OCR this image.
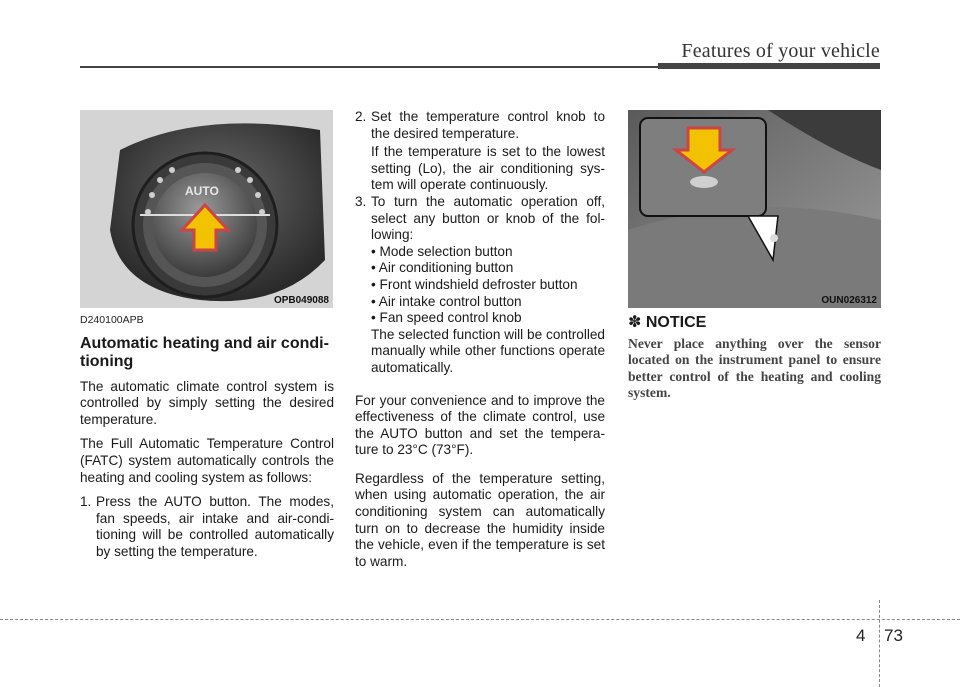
Features of your vehicle
AUTO
OPB049088	OUN026312

D240100APB

Automatic heating and air condi-
tioning

The automatic climate control system is controlled by simply setting the desired temperature.

The Full Automatic Temperature Control (FATC) system automatically controls the heating and cooling system as follows:

1. Press the AUTO button. The modes, fan speeds, air intake and air-condi-tioning will be controlled automatically by setting the temperature.
2. Set the temperature control knob to the desired temperature.
If the temperature is set to the lowest setting (Lo), the air conditioning sys-tem will operate continuously.
3. To turn the automatic operation off, select any button or knob of the fol-lowing:
• Mode selection button
• Air conditioning button
• Front windshield defroster button
• Air intake control button
• Fan speed control knob
The selected function will be controlled manually while other functions operate automatically.

For your convenience and to improve the effectiveness of the climate control, use the AUTO button and set the tempera-ture to 23°C (73°F).

Regardless of the temperature setting, when using automatic operation, the air conditioning system can automatically turn on to decrease the humidity inside the vehicle, even if the temperature is set to warm.

✽ NOTICE
Never place anything over the sensor located on the instrument panel to ensure better control of the heating and cooling system.
4 73
